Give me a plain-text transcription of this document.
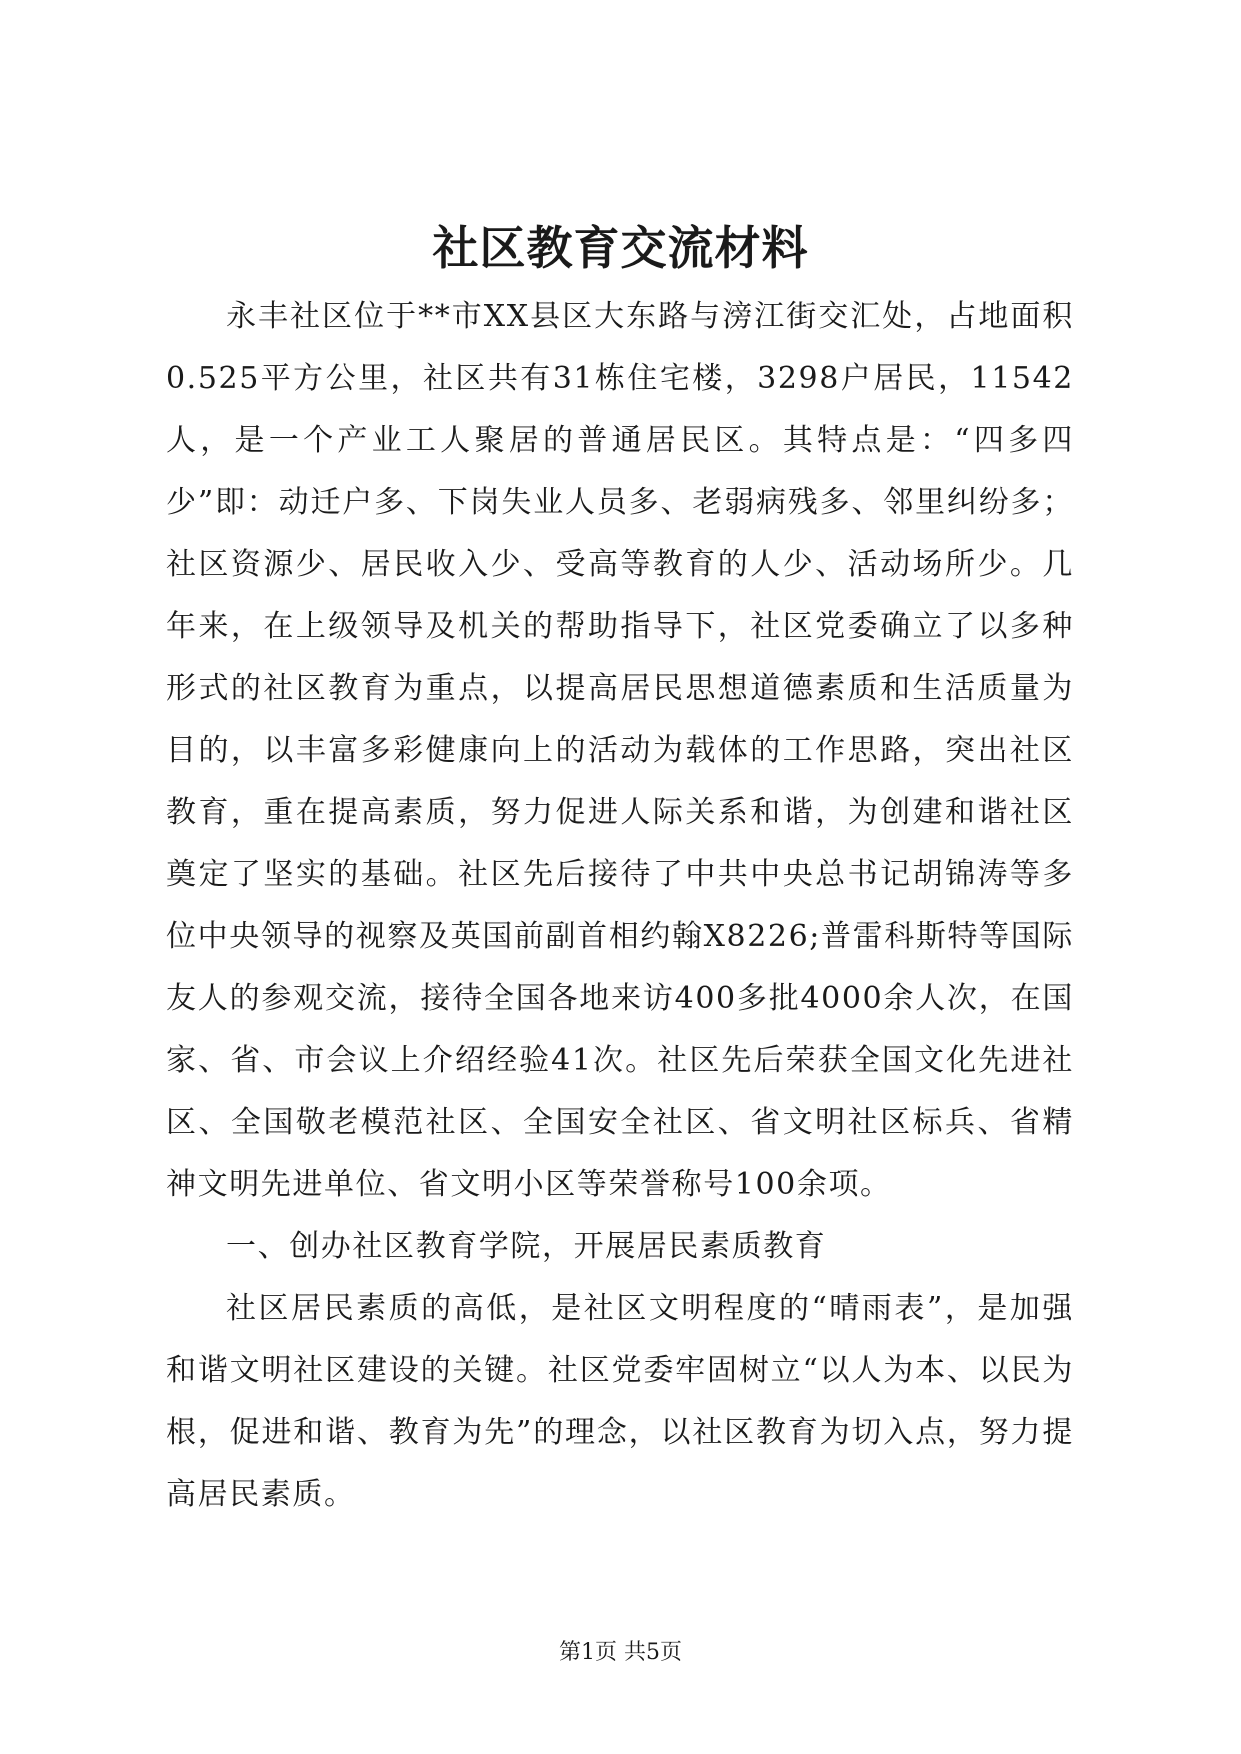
社区教育交流材料

永丰社区位于**市XX县区大东路与滂江街交汇处，占地面积0.525平方公里，社区共有31栋住宅楼，3298户居民，11542人，是一个产业工人聚居的普通居民区。其特点是：“四多四少”即：动迁户多、下岗失业人员多、老弱病残多、邻里纠纷多；社区资源少、居民收入少、受高等教育的人少、活动场所少。几年来，在上级领导及机关的帮助指导下，社区党委确立了以多种形式的社区教育为重点，以提高居民思想道德素质和生活质量为目的，以丰富多彩健康向上的活动为载体的工作思路，突出社区教育，重在提高素质，努力促进人际关系和谐，为创建和谐社区奠定了坚实的基础。社区先后接待了中共中央总书记胡锦涛等多位中央领导的视察及英国前副首相约翰X8226;普雷科斯特等国际友人的参观交流，接待全国各地来访400多批4000余人次，在国家、省、市会议上介绍经验41次。社区先后荣获全国文化先进社区、全国敬老模范社区、全国安全社区、省文明社区标兵、省精神文明先进单位、省文明小区等荣誉称号100余项。

一、创办社区教育学院，开展居民素质教育

社区居民素质的高低，是社区文明程度的“晴雨表”，是加强和谐文明社区建设的关键。社区党委牢固树立“以人为本、以民为根，促进和谐、教育为先”的理念，以社区教育为切入点，努力提高居民素质。

第1页 共5页
